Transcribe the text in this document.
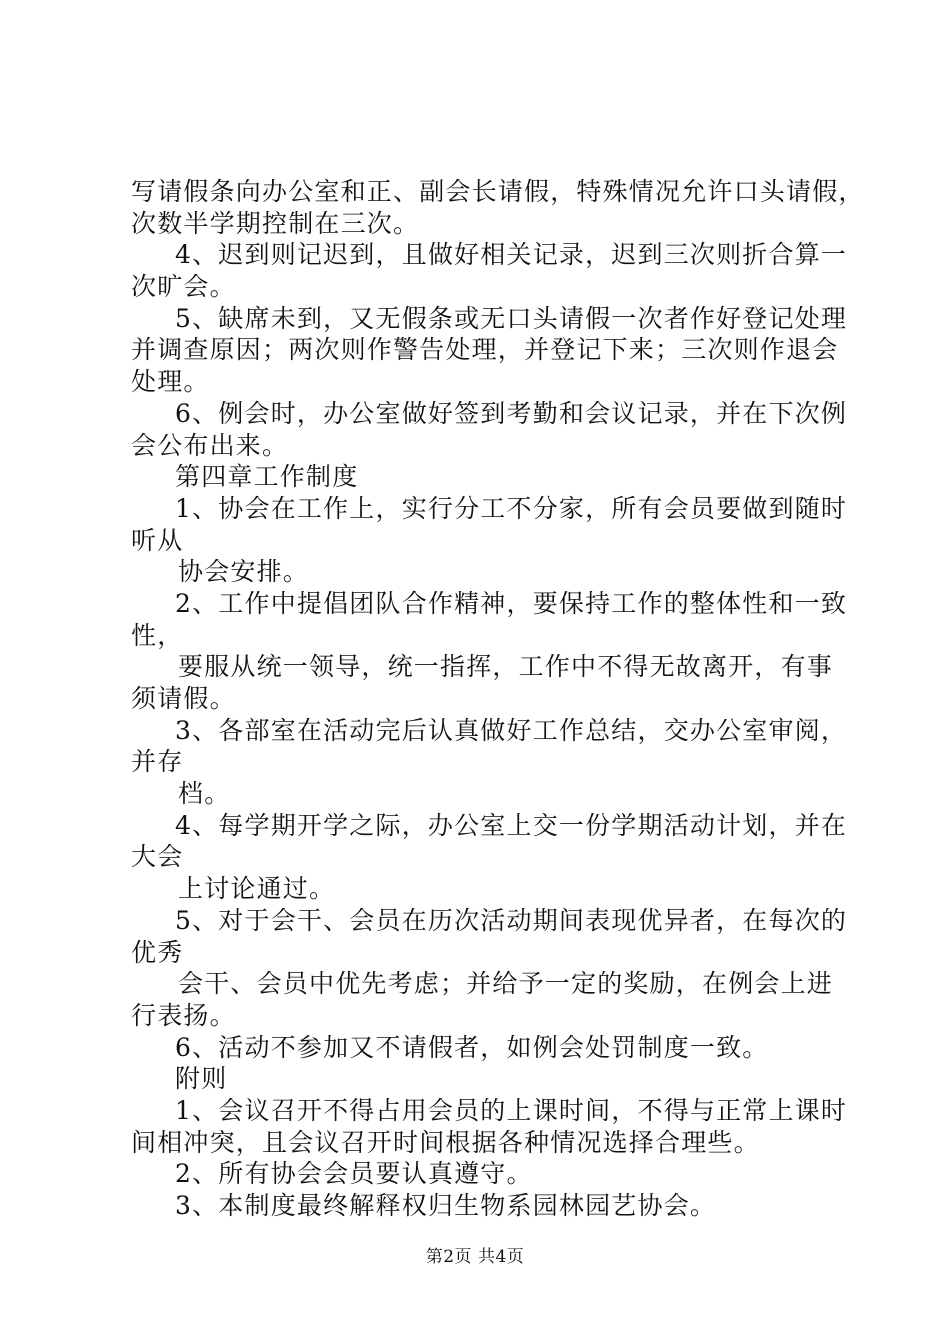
写请假条向办公室和正、副会长请假，特殊情况允许口头请假，
次数半学期控制在三次。
4、迟到则记迟到，且做好相关记录，迟到三次则折合算一
次旷会。
5、缺席未到，又无假条或无口头请假一次者作好登记处理
并调查原因；两次则作警告处理，并登记下来；三次则作退会
处理。
6、例会时，办公室做好签到考勤和会议记录，并在下次例
会公布出来。
第四章工作制度
1、协会在工作上，实行分工不分家，所有会员要做到随时
听从
协会安排。
2、工作中提倡团队合作精神，要保持工作的整体性和一致
性，
要服从统一领导，统一指挥，工作中不得无故离开，有事
须请假。
3、各部室在活动完后认真做好工作总结，交办公室审阅，
并存
档。
4、每学期开学之际，办公室上交一份学期活动计划，并在
大会
上讨论通过。
5、对于会干、会员在历次活动期间表现优异者，在每次的
优秀
会干、会员中优先考虑；并给予一定的奖励，在例会上进
行表扬。
6、活动不参加又不请假者，如例会处罚制度一致。
附则
1、会议召开不得占用会员的上课时间，不得与正常上课时
间相冲突，且会议召开时间根据各种情况选择合理些。
2、所有协会会员要认真遵守。
3、本制度最终解释权归生物系园林园艺协会。
第2页 共4页
